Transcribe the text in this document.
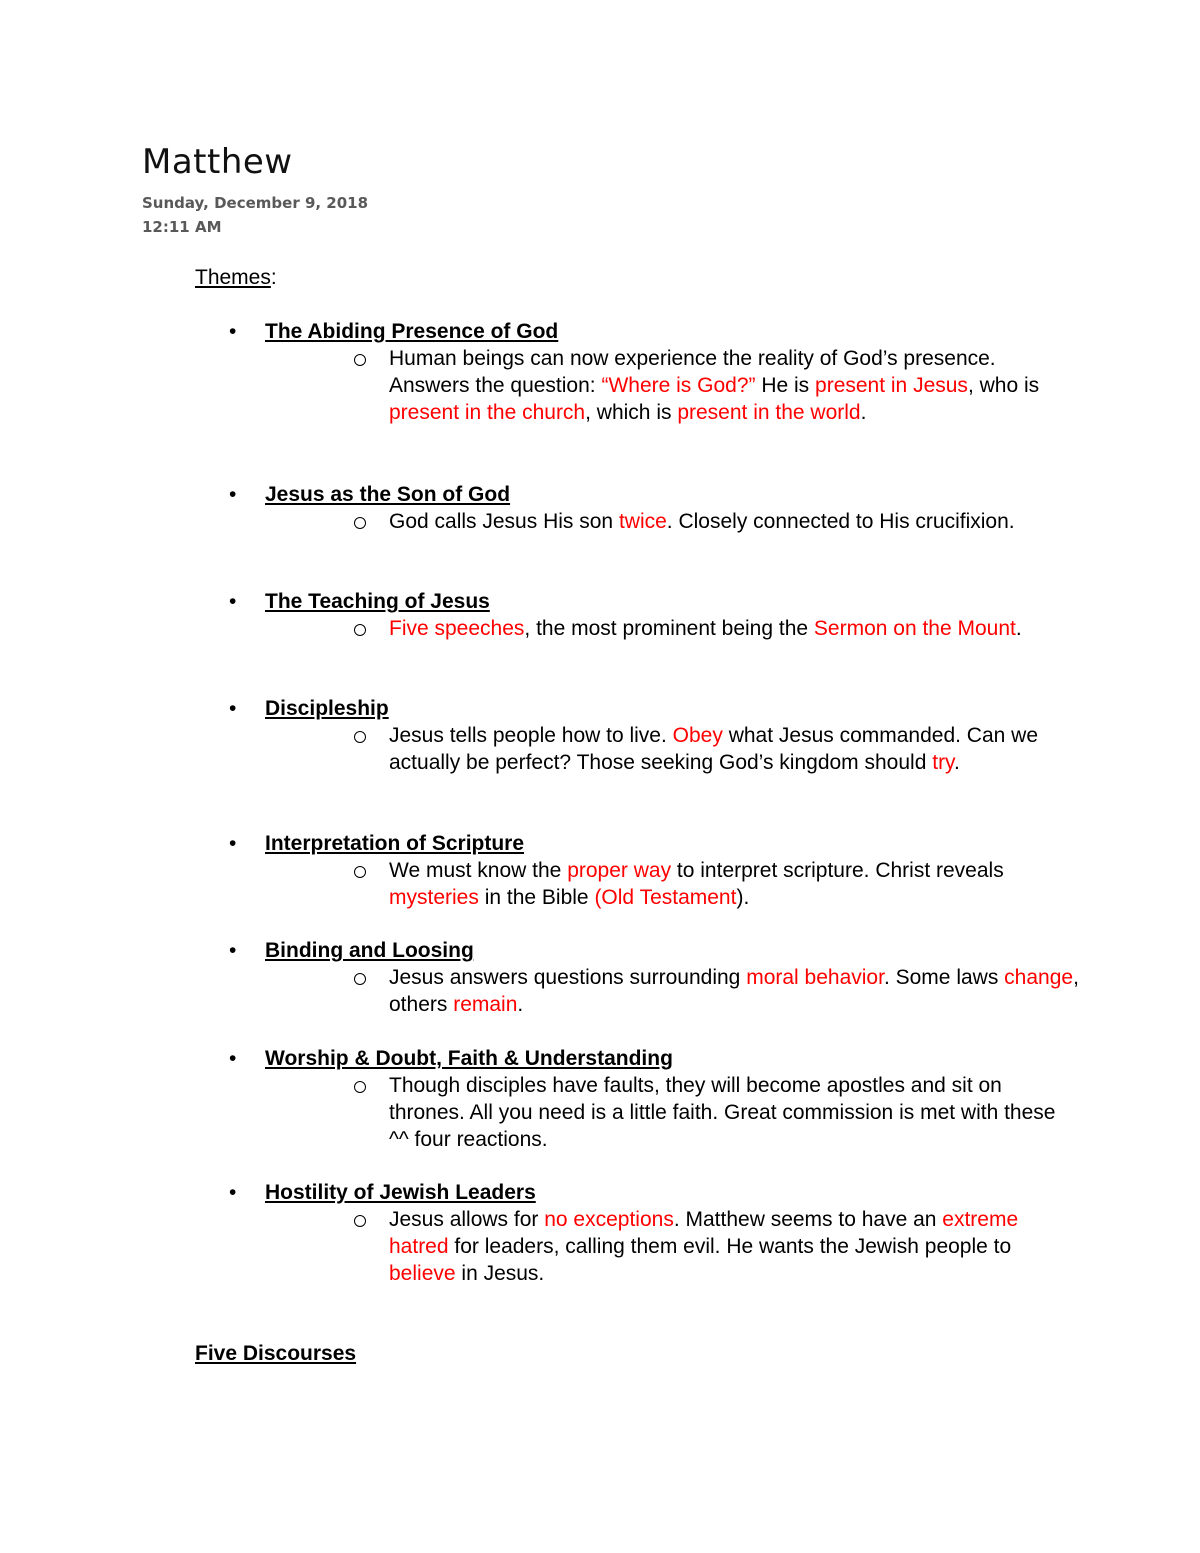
Matthew
Sunday, December 9, 2018
12:11 AM
Themes:
• The Abiding Presence of God
Human beings can now experience the reality of God’s presence. Answers the question: “Where is God?” He is present in Jesus, who is present in the church, which is present in the world.
• Jesus as the Son of God
God calls Jesus His son twice. Closely connected to His crucifixion.
• The Teaching of Jesus
Five speeches, the most prominent being the Sermon on the Mount.
• Discipleship
Jesus tells people how to live. Obey what Jesus commanded. Can we actually be perfect? Those seeking God’s kingdom should try.
• Interpretation of Scripture
We must know the proper way to interpret scripture. Christ reveals mysteries in the Bible (Old Testament).
• Binding and Loosing
Jesus answers questions surrounding moral behavior. Some laws change, others remain.
• Worship & Doubt, Faith & Understanding
Though disciples have faults, they will become apostles and sit on thrones. All you need is a little faith. Great commission is met with these ^^ four reactions.
• Hostility of Jewish Leaders
Jesus allows for no exceptions. Matthew seems to have an extreme hatred for leaders, calling them evil. He wants the Jewish people to believe in Jesus.
Five Discourses
